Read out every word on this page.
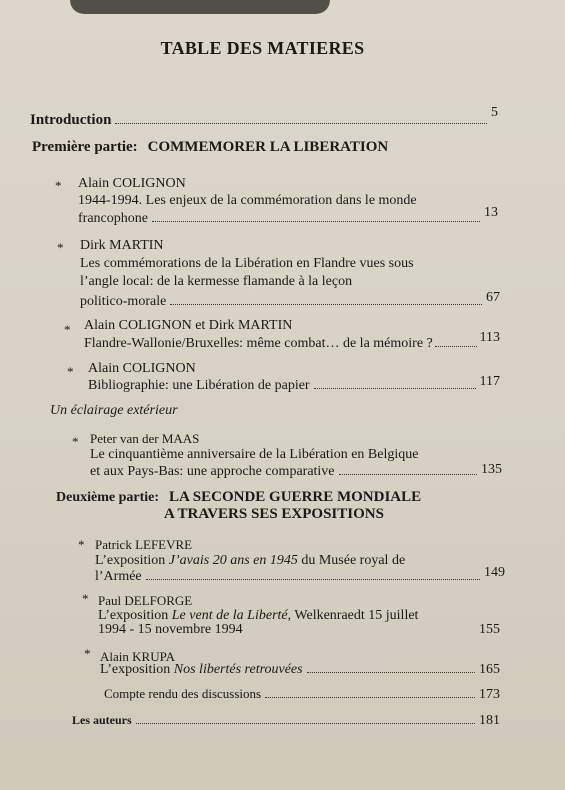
TABLE DES MATIERES
Introduction	5
Première partie: COMMEMORER LA LIBERATION
* Alain COLIGNON
1944-1994. Les enjeux de la commémoration dans le monde
francophone	13
* Dirk MARTIN
Les commémorations de la Libération en Flandre vues sous
l’angle local: de la kermesse flamande à la leçon
politico-morale	67
* Alain COLIGNON et Dirk MARTIN
Flandre-Wallonie/Bruxelles: même combat… de la mémoire ?	113
* Alain COLIGNON
Bibliographie: une Libération de papier	117
Un éclairage extérieur
* Peter van der MAAS
Le cinquantième anniversaire de la Libération en Belgique
et aux Pays-Bas: une approche comparative	135
Deuxième partie: LA SECONDE GUERRE MONDIALE
A TRAVERS SES EXPOSITIONS
* Patrick LEFEVRE
L’exposition J’avais 20 ans en 1945 du Musée royal de
l’Armée	149
* Paul DELFORGE
L’exposition Le vent de la Liberté, Welkenraedt 15 juillet
1994 - 15 novembre 1994	155
* Alain KRUPA
L’exposition Nos libertés retrouvées	165
Compte rendu des discussions	173
Les auteurs	181
